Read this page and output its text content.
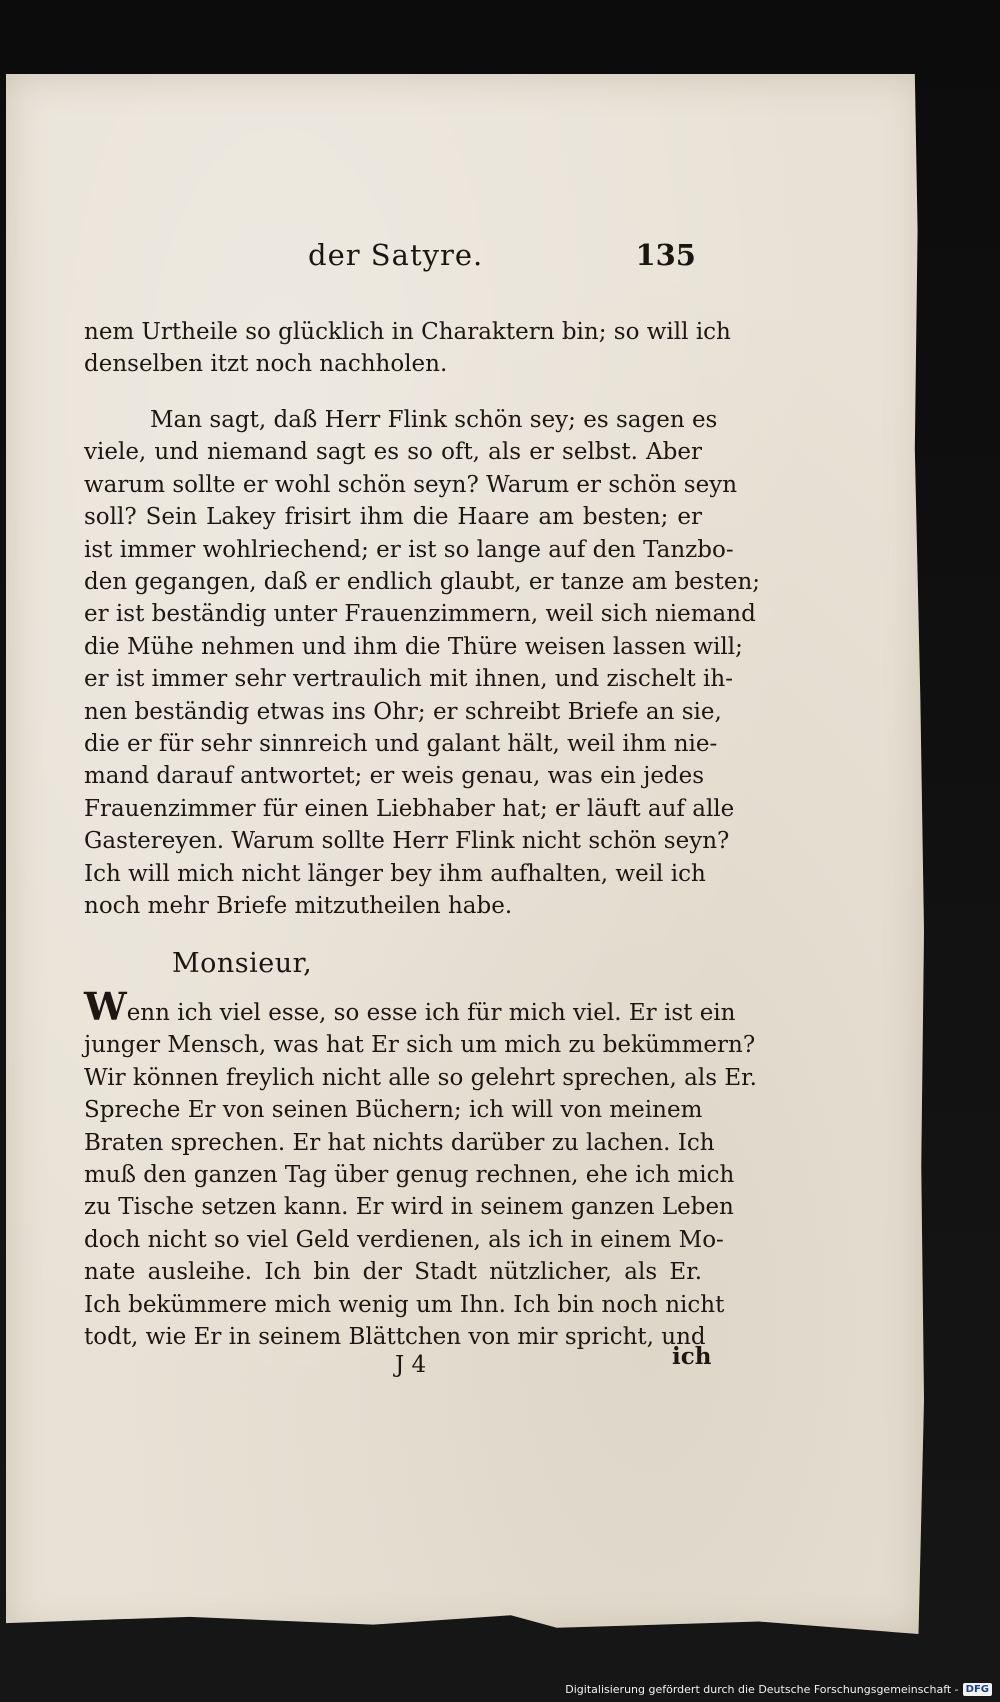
der Satyre.	135
nem Urtheile so glücklich in Charaktern bin; so will ich
denselben itzt noch nachholen.
Man sagt, daß Herr Flink schön sey; es sagen es
viele, und niemand sagt es so oft, als er selbst. Aber
warum sollte er wohl schön seyn? Warum er schön seyn
soll? Sein Lakey frisirt ihm die Haare am besten; er
ist immer wohlriechend; er ist so lange auf den Tanzbo-
den gegangen, daß er endlich glaubt, er tanze am besten;
er ist beständig unter Frauenzimmern, weil sich niemand
die Mühe nehmen und ihm die Thüre weisen lassen will;
er ist immer sehr vertraulich mit ihnen, und zischelt ih-
nen beständig etwas ins Ohr; er schreibt Briefe an sie,
die er für sehr sinnreich und galant hält, weil ihm nie-
mand darauf antwortet; er weis genau, was ein jedes
Frauenzimmer für einen Liebhaber hat; er läuft auf alle
Gastereyen. Warum sollte Herr Flink nicht schön seyn?
Ich will mich nicht länger bey ihm aufhalten, weil ich
noch mehr Briefe mitzutheilen habe.
Monsieur,
Wenn ich viel esse, so esse ich für mich viel. Er ist ein
junger Mensch, was hat Er sich um mich zu bekümmern?
Wir können freylich nicht alle so gelehrt sprechen, als Er.
Spreche Er von seinen Büchern; ich will von meinem
Braten sprechen. Er hat nichts darüber zu lachen. Ich
muß den ganzen Tag über genug rechnen, ehe ich mich
zu Tische setzen kann. Er wird in seinem ganzen Leben
doch nicht so viel Geld verdienen, als ich in einem Mo-
nate ausleihe. Ich bin der Stadt nützlicher, als Er.
Ich bekümmere mich wenig um Ihn. Ich bin noch nicht
todt, wie Er in seinem Blättchen von mir spricht, und
J 4	ich
Digitalisierung gefördert durch die Deutsche Forschungsgemeinschaft - DFG
